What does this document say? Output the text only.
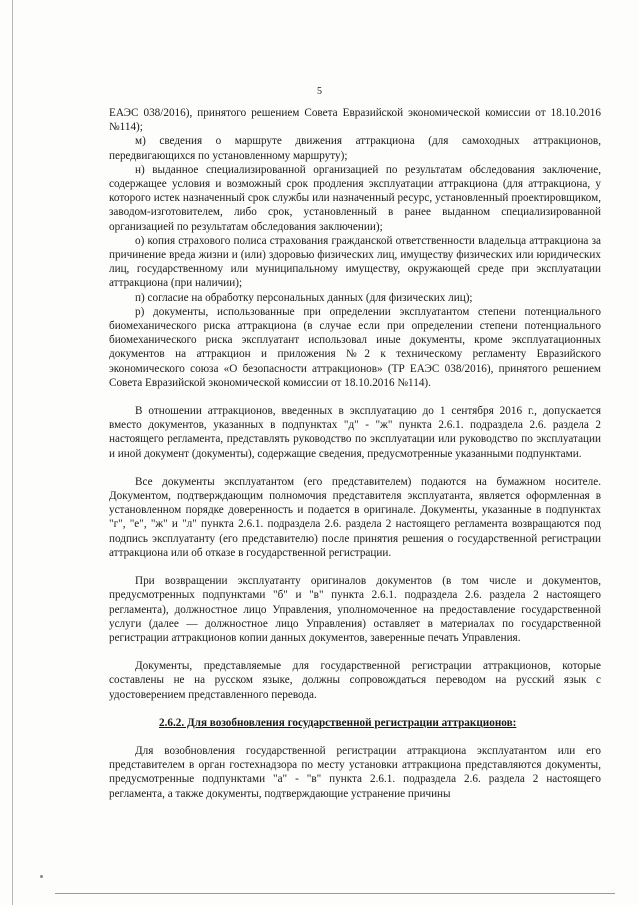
5

ЕАЭС 038/2016), принятого решением Совета Евразийской экономической комиссии от 18.10.2016 №114);

м) сведения о маршруте движения аттракциона (для самоходных аттракционов, передвигающихся по установленному маршруту);

н) выданное специализированной организацией по результатам обследования заключение, содержащее условия и возможный срок продления эксплуатации аттракциона (для аттракциона, у которого истек назначенный срок службы или назначенный ресурс, установленный проектировщиком, заводом-изготовителем, либо срок, установленный в ранее выданном специализированной организацией по результатам обследования заключении);

о) копия страхового полиса страхования гражданской ответственности владельца аттракциона за причинение вреда жизни и (или) здоровью физических лиц, имуществу физических или юридических лиц, государственному или муниципальному имуществу, окружающей среде при эксплуатации аттракциона (при наличии);

п) согласие на обработку персональных данных (для физических лиц);

р) документы, использованные при определении эксплуатантом степени потенциального биомеханического риска аттракциона (в случае если при определении степени потенциального биомеханического риска эксплуатант использовал иные документы, кроме эксплуатационных документов на аттракцион и приложения №2 к техническому регламенту Евразийского экономического союза «О безопасности аттракционов» (ТР ЕАЭС 038/2016), принятого решением Совета Евразийской экономической комиссии от 18.10.2016 №114).

В отношении аттракционов, введенных в эксплуатацию до 1 сентября 2016 г., допускается вместо документов, указанных в подпунктах "д" - "ж" пункта 2.6.1. подраздела 2.6. раздела 2 настоящего регламента, представлять руководство по эксплуатации или руководство по эксплуатации и иной документ (документы), содержащие сведения, предусмотренные указанными подпунктами.

Все документы эксплуатантом (его представителем) подаются на бумажном носителе. Документом, подтверждающим полномочия представителя эксплуатанта, является оформленная в установленном порядке доверенность и подается в оригинале. Документы, указанные в подпунктах "г", "е", "ж" и "л" пункта 2.6.1. подраздела 2.6. раздела 2 настоящего регламента возвращаются под подпись эксплуатанту (его представителю) после принятия решения о государственной регистрации аттракциона или об отказе в государственной регистрации.

При возвращении эксплуатанту оригиналов документов (в том числе и документов, предусмотренных подпунктами "б" и "в" пункта 2.6.1. подраздела 2.6. раздела 2 настоящего регламента), должностное лицо Управления, уполномоченное на предоставление государственной услуги (далее — должностное лицо Управления) оставляет в материалах по государственной регистрации аттракционов копии данных документов, заверенные печать Управления.

Документы, представляемые для государственной регистрации аттракционов, которые составлены не на русском языке, должны сопровождаться переводом на русский язык с удостоверением представленного перевода.

2.6.2. Для возобновления государственной регистрации аттракционов:

Для возобновления государственной регистрации аттракциона эксплуатантом или его представителем в орган гостехнадзора по месту установки аттракциона представляются документы, предусмотренные подпунктами "а" - "в" пункта 2.6.1. подраздела 2.6. раздела 2 настоящего регламента, а также документы, подтверждающие устранение причины
